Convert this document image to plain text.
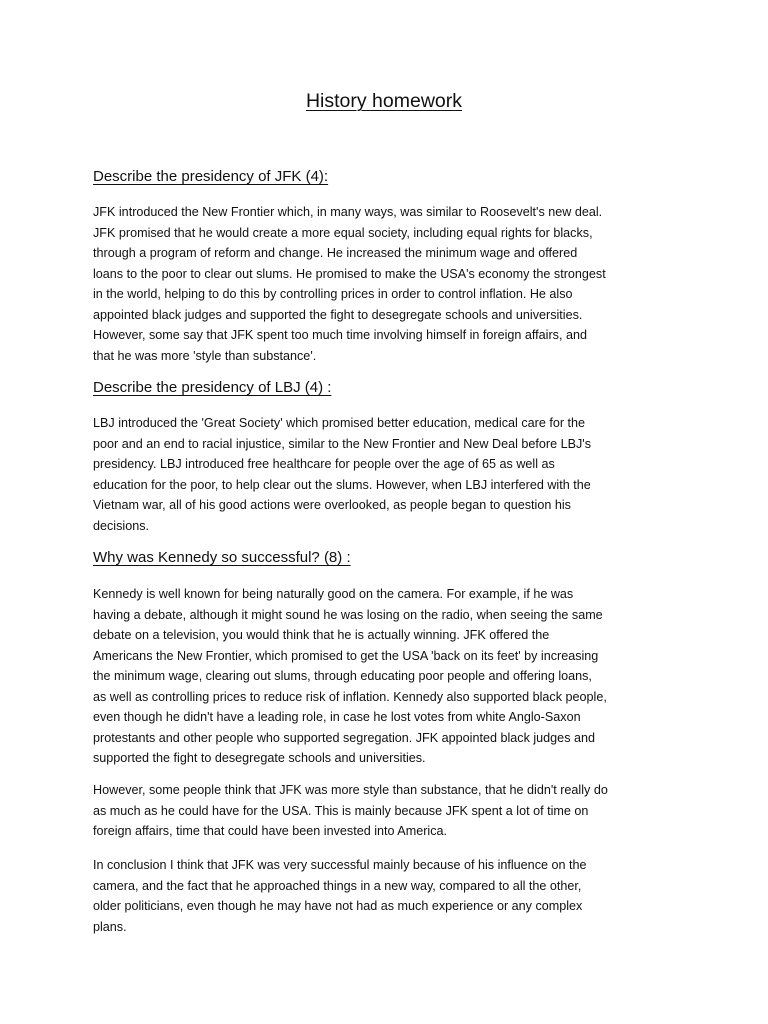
History homework
Describe the presidency of JFK (4):

JFK introduced the New Frontier which, in many ways, was similar to Roosevelt's new deal.
JFK promised that he would create a more equal society, including equal rights for blacks,
through a program of reform and change. He increased the minimum wage and offered
loans to the poor to clear out slums. He promised to make the USA's economy the strongest
in the world, helping to do this by controlling prices in order to control inflation. He also
appointed black judges and supported the fight to desegregate schools and universities.
However, some say that JFK spent too much time involving himself in foreign affairs, and
that he was more 'style than substance'.

Describe the presidency of LBJ (4) :

LBJ introduced the 'Great Society' which promised better education, medical care for the
poor and an end to racial injustice, similar to the New Frontier and New Deal before LBJ's
presidency. LBJ introduced free healthcare for people over the age of 65 as well as
education for the poor, to help clear out the slums. However, when LBJ interfered with the
Vietnam war, all of his good actions were overlooked, as people began to question his
decisions.

Why was Kennedy so successful? (8) :

Kennedy is well known for being naturally good on the camera. For example, if he was
having a debate, although it might sound he was losing on the radio, when seeing the same
debate on a television, you would think that he is actually winning. JFK offered the
Americans the New Frontier, which promised to get the USA 'back on its feet' by increasing
the minimum wage, clearing out slums, through educating poor people and offering loans,
as well as controlling prices to reduce risk of inflation. Kennedy also supported black people,
even though he didn't have a leading role, in case he lost votes from white Anglo-Saxon
protestants and other people who supported segregation. JFK appointed black judges and
supported the fight to desegregate schools and universities.

However, some people think that JFK was more style than substance, that he didn't really do
as much as he could have for the USA. This is mainly because JFK spent a lot of time on
foreign affairs, time that could have been invested into America.

In conclusion I think that JFK was very successful mainly because of his influence on the
camera, and the fact that he approached things in a new way, compared to all the other,
older politicians, even though he may have not had as much experience or any complex
plans.
